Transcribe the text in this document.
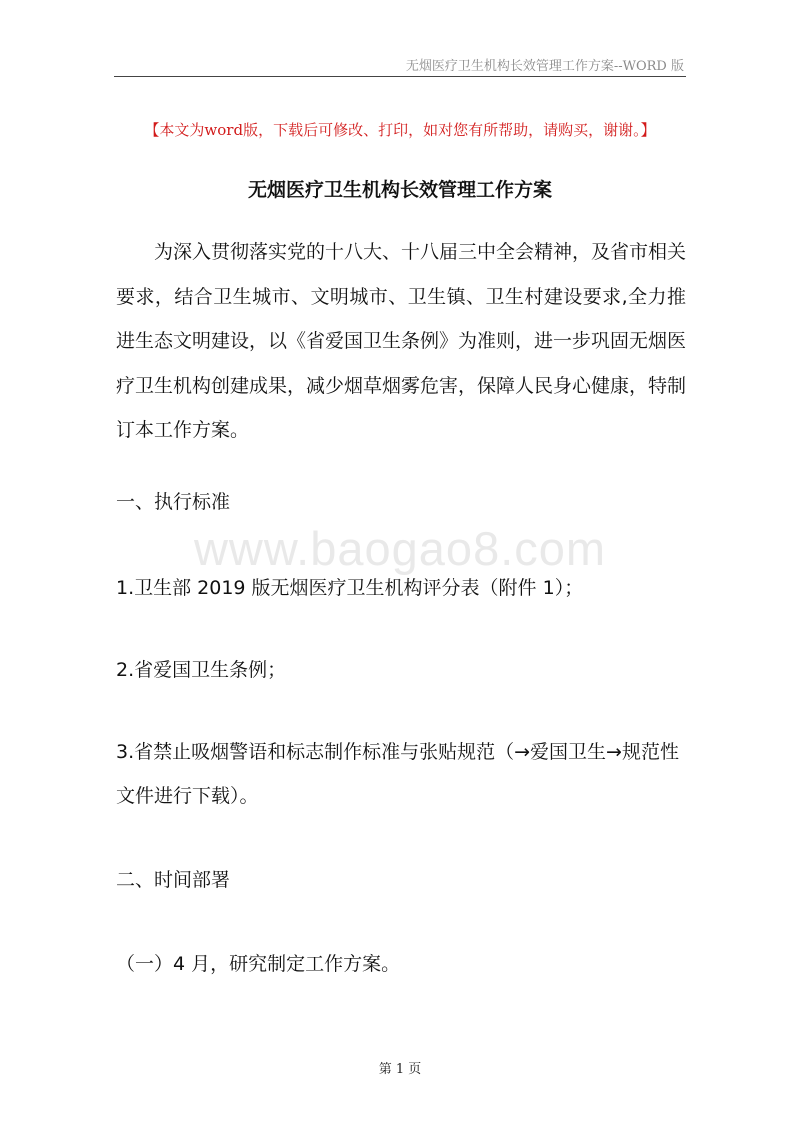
无烟医疗卫生机构长效管理工作方案--WORD 版
【本文为word版，下载后可修改、打印，如对您有所帮助，请购买，谢谢。】
无烟医疗卫生机构长效管理工作方案
为深入贯彻落实党的十八大、十八届三中全会精神，及省市相关要求，结合卫生城市、文明城市、卫生镇、卫生村建设要求,全力推进生态文明建设，以《省爱国卫生条例》为准则，进一步巩固无烟医疗卫生机构创建成果，减少烟草烟雾危害，保障人民身心健康，特制订本工作方案。
一、执行标准
www.baogao8.com
1.卫生部 2019 版无烟医疗卫生机构评分表（附件 1）；
2.省爱国卫生条例；
3.省禁止吸烟警语和标志制作标准与张贴规范（→爱国卫生→规范性
文件进行下载）。
二、时间部署
（一）4 月，研究制定工作方案。
第 1 页
